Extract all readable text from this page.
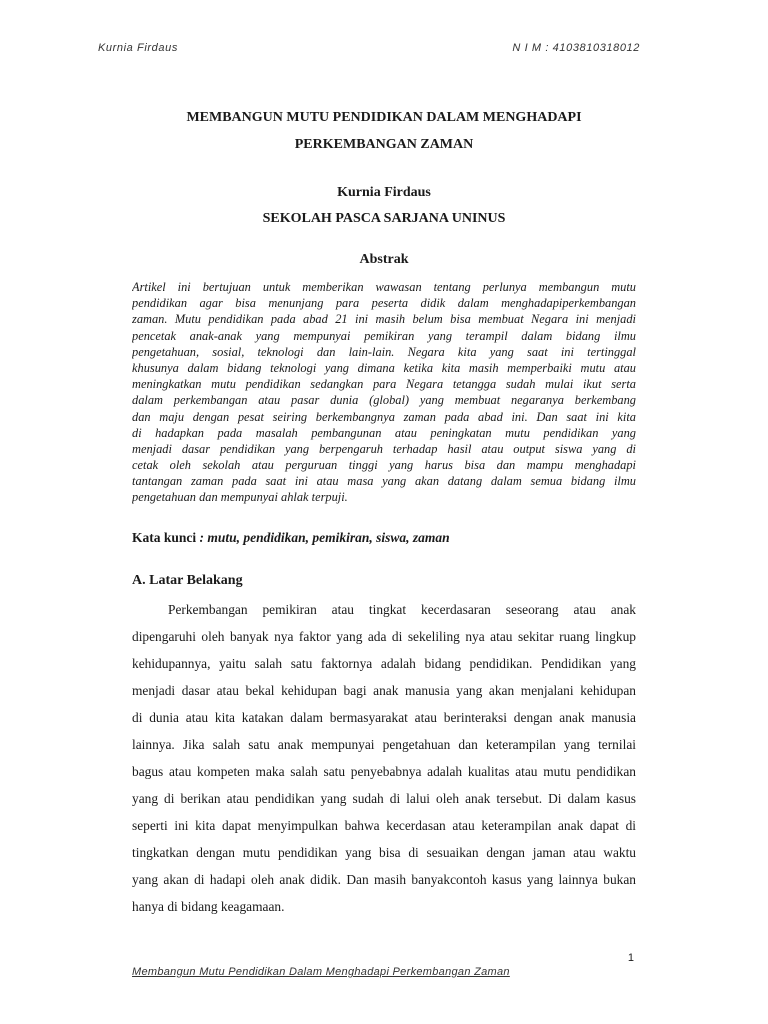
Kurnia Firdaus	N I M : 4103810318012
MEMBANGUN MUTU PENDIDIKAN DALAM MENGHADAPI
PERKEMBANGAN ZAMAN
Kurnia Firdaus
SEKOLAH PASCA SARJANA UNINUS
Abstrak
Artikel ini bertujuan untuk memberikan wawasan tentang perlunya membangun mutu
pendidikan agar bisa menunjang para peserta didik dalam menghadapiperkembangan
zaman. Mutu pendidikan pada abad 21 ini masih belum bisa membuat Negara ini menjadi
pencetak anak-anak yang mempunyai pemikiran yang terampil dalam bidang ilmu
pengetahuan, sosial, teknologi dan lain-lain. Negara kita yang saat ini tertinggal
khusunya dalam bidang teknologi yang dimana ketika kita masih memperbaiki mutu atau
meningkatkan mutu pendidikan sedangkan para Negara tetangga sudah mulai ikut serta
dalam perkembangan atau pasar dunia (global) yang membuat negaranya berkembang
dan maju dengan pesat seiring berkembangnya zaman pada abad ini. Dan saat ini kita
di hadapkan pada masalah pembangunan atau peningkatan mutu pendidikan yang
menjadi dasar pendidikan yang berpengaruh terhadap hasil atau output siswa yang di
cetak oleh sekolah atau perguruan tinggi yang harus bisa dan mampu menghadapi
tantangan zaman pada saat ini atau masa yang akan datang dalam semua bidang ilmu
pengetahuan dan mempunyai ahlak terpuji.
Kata kunci : mutu, pendidikan, pemikiran, siswa, zaman
A. Latar Belakang
Perkembangan pemikiran atau tingkat kecerdasaran seseorang atau anak
dipengaruhi oleh banyak nya faktor yang ada di sekeliling nya atau sekitar ruang lingkup
kehidupannya, yaitu salah satu faktornya adalah bidang pendidikan. Pendidikan yang
menjadi dasar atau bekal kehidupan bagi anak manusia yang akan menjalani kehidupan
di dunia atau kita katakan dalam bermasyarakat atau berinteraksi dengan anak manusia
lainnya. Jika salah satu anak mempunyai pengetahuan dan keterampilan yang ternilai
bagus atau kompeten maka salah satu penyebabnya adalah kualitas atau mutu pendidikan
yang di berikan atau pendidikan yang sudah di lalui oleh anak tersebut. Di dalam kasus
seperti ini kita dapat menyimpulkan bahwa kecerdasan atau keterampilan anak dapat di
tingkatkan dengan mutu pendidikan yang bisa di sesuaikan dengan jaman atau waktu
yang akan di hadapi oleh anak didik. Dan masih banyakcontoh kasus yang lainnya bukan
hanya di bidang keagamaan.
1
Membangun Mutu Pendidikan Dalam Menghadapi Perkembangan Zaman
